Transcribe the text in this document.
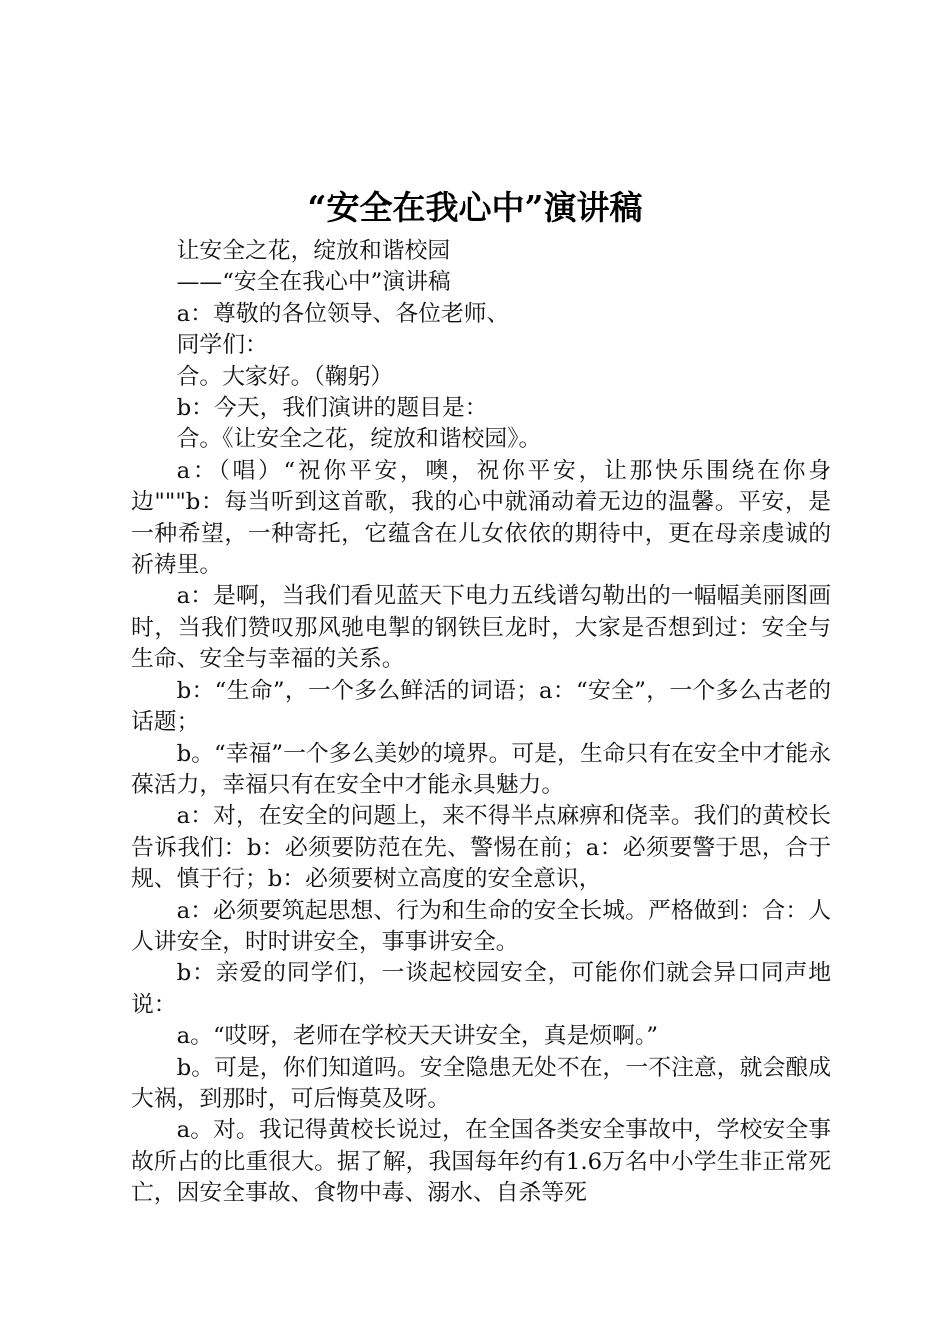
“安全在我心中”演讲稿

让安全之花，绽放和谐校园

——“安全在我心中”演讲稿

a：尊敬的各位领导、各位老师、

同学们：

合。大家好。（鞠躬）

b：今天，我们演讲的题目是：

合。《让安全之花，绽放和谐校园》。

a：（唱）“祝你平安，噢，祝你平安，让那快乐围绕在你身边"""b：每当听到这首歌，我的心中就涌动着无边的温馨。平安，是一种希望，一种寄托，它蕴含在儿女依依的期待中，更在母亲虔诚的祈祷里。

a：是啊，当我们看见蓝天下电力五线谱勾勒出的一幅幅美丽图画时，当我们赞叹那风驰电掣的钢铁巨龙时，大家是否想到过：安全与生命、安全与幸福的关系。

b：“生命”，一个多么鲜活的词语；a：“安全”，一个多么古老的话题；

b。“幸福”一个多么美妙的境界。可是，生命只有在安全中才能永葆活力，幸福只有在安全中才能永具魅力。

a：对，在安全的问题上，来不得半点麻痹和侥幸。我们的黄校长告诉我们：b：必须要防范在先、警惕在前；a：必须要警于思，合于规、慎于行；b：必须要树立高度的安全意识，

a：必须要筑起思想、行为和生命的安全长城。严格做到：合：人人讲安全，时时讲安全，事事讲安全。

b：亲爱的同学们，一谈起校园安全，可能你们就会异口同声地说：

a。“哎呀，老师在学校天天讲安全，真是烦啊。”

b。可是，你们知道吗。安全隐患无处不在，一不注意，就会酿成大祸，到那时，可后悔莫及呀。

a。对。我记得黄校长说过，在全国各类安全事故中，学校安全事故所占的比重很大。据了解，我国每年约有1.6万名中小学生非正常死亡，因安全事故、食物中毒、溺水、自杀等死
